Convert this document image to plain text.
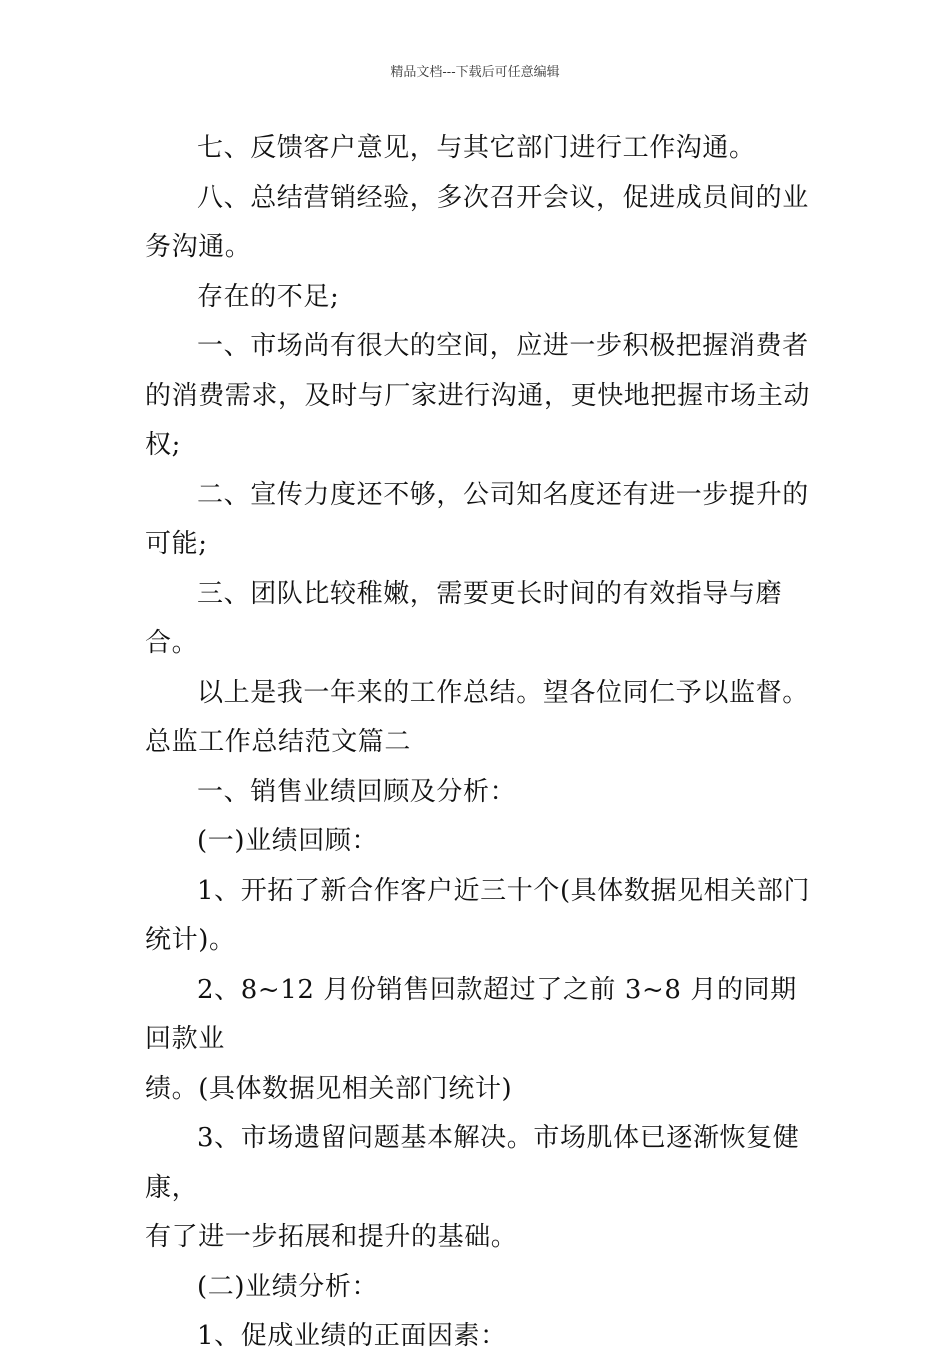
精品文档---下载后可任意编辑

七、反馈客户意见，与其它部门进行工作沟通。

八、总结营销经验，多次召开会议，促进成员间的业
务沟通。

存在的不足;

一、市场尚有很大的空间，应进一步积极把握消费者
的消费需求，及时与厂家进行沟通，更快地把握市场主动
权;

二、宣传力度还不够，公司知名度还有进一步提升的
可能;

三、团队比较稚嫩，需要更长时间的有效指导与磨合。

以上是我一年来的工作总结。望各位同仁予以监督。

总监工作总结范文篇二

一、销售业绩回顾及分析：

(一)业绩回顾：

1、开拓了新合作客户近三十个(具体数据见相关部门
统计)。

2、8~12 月份销售回款超过了之前 3~8 月的同期回款业
绩。(具体数据见相关部门统计)

3、市场遗留问题基本解决。市场肌体已逐渐恢复健康，
有了进一步拓展和提升的基础。

(二)业绩分析：

1、促成业绩的正面因素：
